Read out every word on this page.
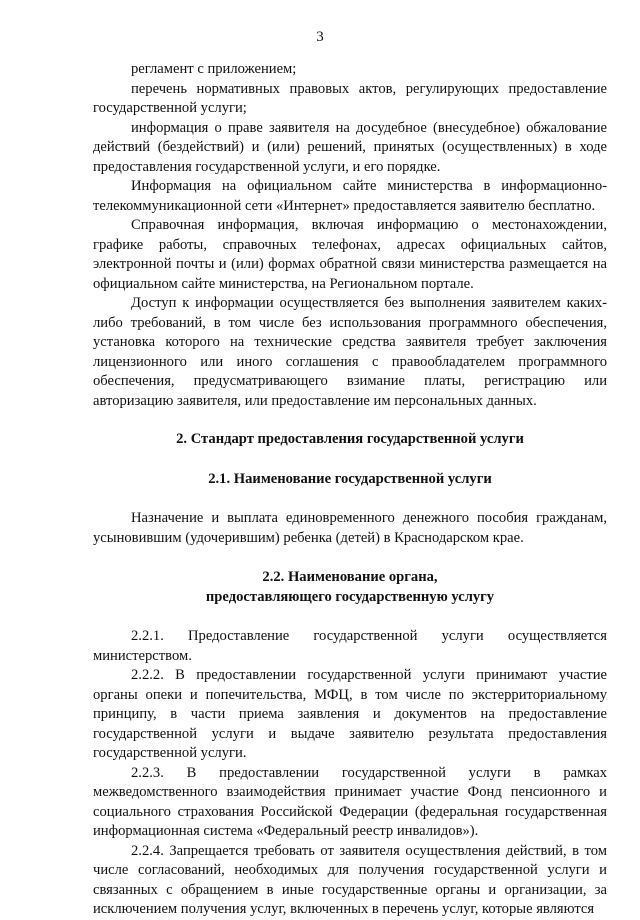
3

регламент с приложением;

перечень нормативных правовых актов, регулирующих предоставление государственной услуги;

информация о праве заявителя на досудебное (внесудебное) обжалование действий (бездействий) и (или) решений, принятых (осуществленных) в ходе предоставления государственной услуги, и его порядке.

Информация на официальном сайте министерства в информационно-телекоммуникационной сети «Интернет» предоставляется заявителю бесплатно.

Справочная информация, включая информацию о местонахождении, графике работы, справочных телефонах, адресах официальных сайтов, электронной почты и (или) формах обратной связи министерства размещается на официальном сайте министерства, на Региональном портале.

Доступ к информации осуществляется без выполнения заявителем каких-либо требований, в том числе без использования программного обеспечения, установка которого на технические средства заявителя требует заключения лицензионного или иного соглашения с правообладателем программного обеспечения, предусматривающего взимание платы, регистрацию или авторизацию заявителя, или предоставление им персональных данных.

2. Стандарт предоставления государственной услуги

2.1. Наименование государственной услуги

Назначение и выплата единовременного денежного пособия гражданам, усыновившим (удочерившим) ребенка (детей) в Краснодарском крае.

2.2. Наименование органа,

предоставляющего государственную услугу

2.2.1. Предоставление государственной услуги осуществляется министерством.

2.2.2. В предоставлении государственной услуги принимают участие органы опеки и попечительства, МФЦ, в том числе по экстерриториальному принципу, в части приема заявления и документов на предоставление государственной услуги и выдаче заявителю результата предоставления государственной услуги.

2.2.3. В предоставлении государственной услуги в рамках межведомственного взаимодействия принимает участие Фонд пенсионного и социального страхования Российской Федерации (федеральная государственная информационная система «Федеральный реестр инвалидов»).

2.2.4. Запрещается требовать от заявителя осуществления действий, в том числе согласований, необходимых для получения государственной услуги и связанных с обращением в иные государственные органы и организации, за исключением получения услуг, включенных в перечень услуг, которые являются
